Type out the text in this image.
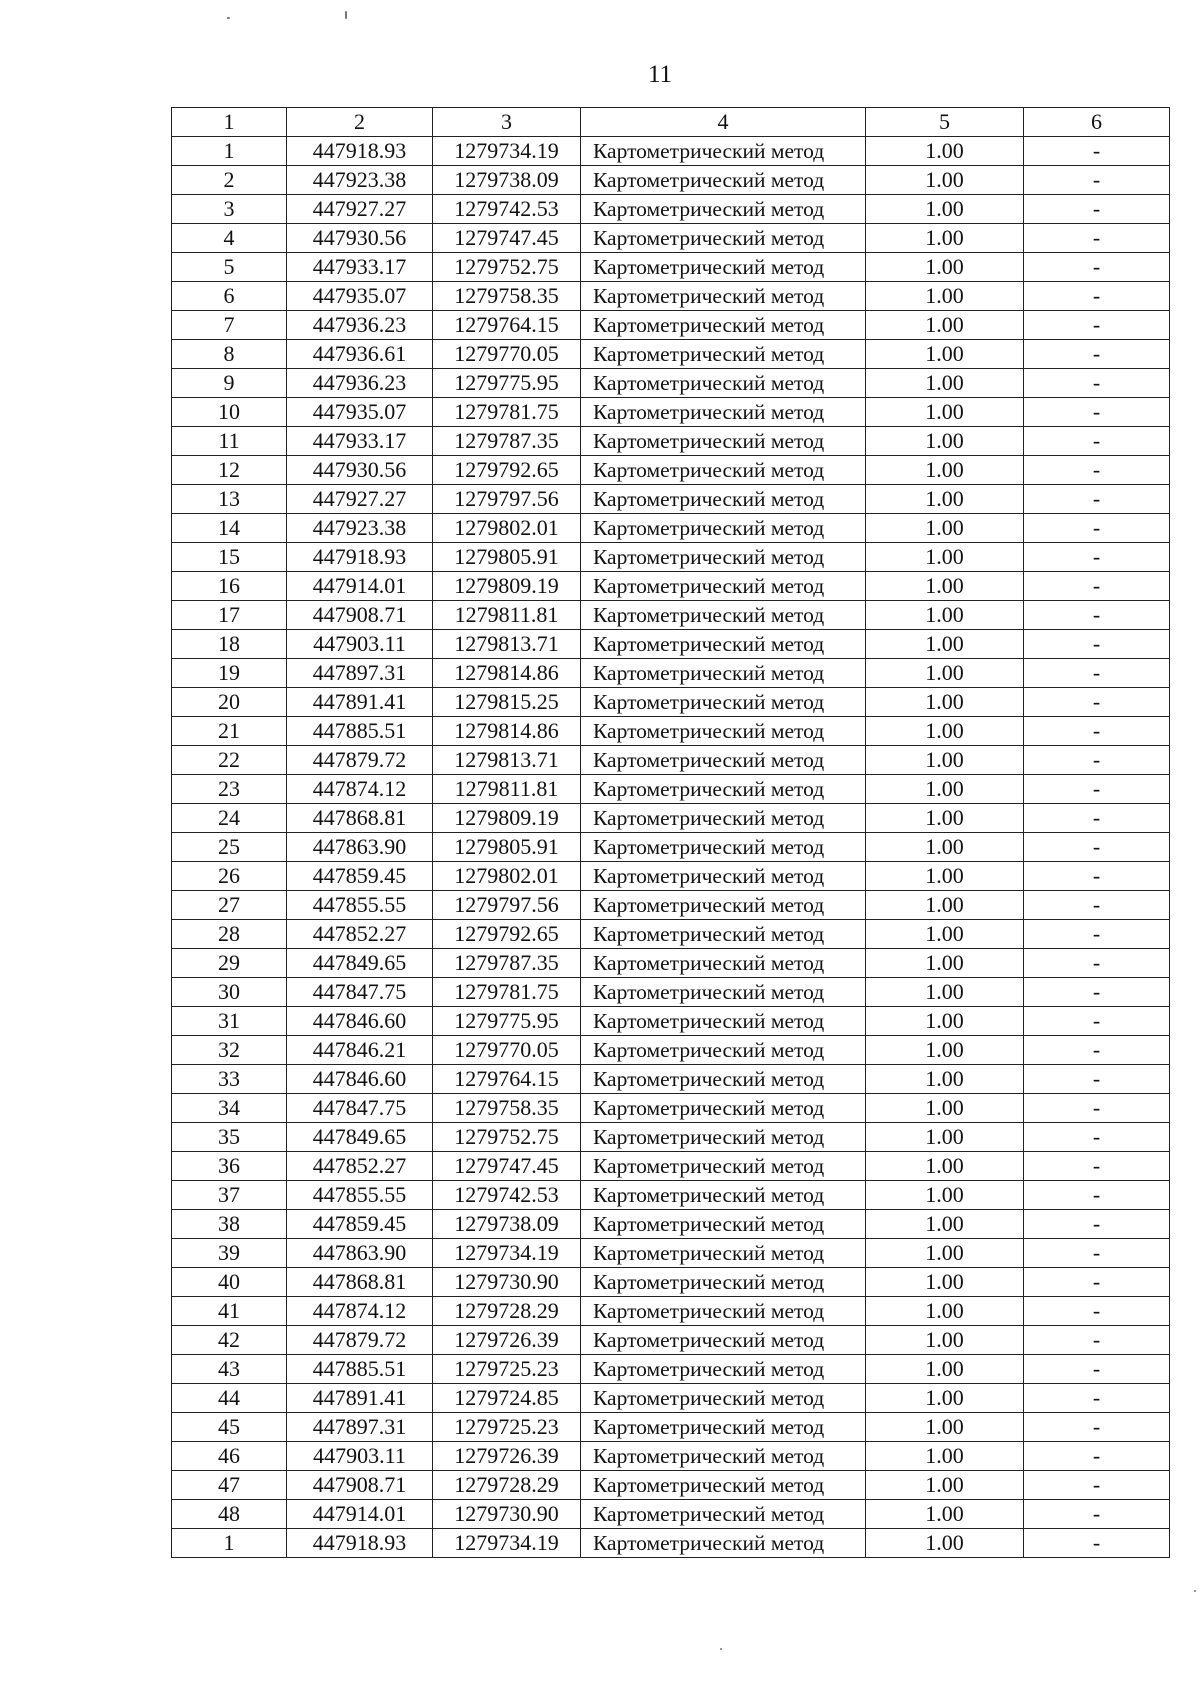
11
1	2	3	4	5	6
1	447918.93	1279734.19	Картометрический метод	1.00	-
2	447923.38	1279738.09	Картометрический метод	1.00	-
3	447927.27	1279742.53	Картометрический метод	1.00	-
4	447930.56	1279747.45	Картометрический метод	1.00	-
5	447933.17	1279752.75	Картометрический метод	1.00	-
6	447935.07	1279758.35	Картометрический метод	1.00	-
7	447936.23	1279764.15	Картометрический метод	1.00	-
8	447936.61	1279770.05	Картометрический метод	1.00	-
9	447936.23	1279775.95	Картометрический метод	1.00	-
10	447935.07	1279781.75	Картометрический метод	1.00	-
11	447933.17	1279787.35	Картометрический метод	1.00	-
12	447930.56	1279792.65	Картометрический метод	1.00	-
13	447927.27	1279797.56	Картометрический метод	1.00	-
14	447923.38	1279802.01	Картометрический метод	1.00	-
15	447918.93	1279805.91	Картометрический метод	1.00	-
16	447914.01	1279809.19	Картометрический метод	1.00	-
17	447908.71	1279811.81	Картометрический метод	1.00	-
18	447903.11	1279813.71	Картометрический метод	1.00	-
19	447897.31	1279814.86	Картометрический метод	1.00	-
20	447891.41	1279815.25	Картометрический метод	1.00	-
21	447885.51	1279814.86	Картометрический метод	1.00	-
22	447879.72	1279813.71	Картометрический метод	1.00	-
23	447874.12	1279811.81	Картометрический метод	1.00	-
24	447868.81	1279809.19	Картометрический метод	1.00	-
25	447863.90	1279805.91	Картометрический метод	1.00	-
26	447859.45	1279802.01	Картометрический метод	1.00	-
27	447855.55	1279797.56	Картометрический метод	1.00	-
28	447852.27	1279792.65	Картометрический метод	1.00	-
29	447849.65	1279787.35	Картометрический метод	1.00	-
30	447847.75	1279781.75	Картометрический метод	1.00	-
31	447846.60	1279775.95	Картометрический метод	1.00	-
32	447846.21	1279770.05	Картометрический метод	1.00	-
33	447846.60	1279764.15	Картометрический метод	1.00	-
34	447847.75	1279758.35	Картометрический метод	1.00	-
35	447849.65	1279752.75	Картометрический метод	1.00	-
36	447852.27	1279747.45	Картометрический метод	1.00	-
37	447855.55	1279742.53	Картометрический метод	1.00	-
38	447859.45	1279738.09	Картометрический метод	1.00	-
39	447863.90	1279734.19	Картометрический метод	1.00	-
40	447868.81	1279730.90	Картометрический метод	1.00	-
41	447874.12	1279728.29	Картометрический метод	1.00	-
42	447879.72	1279726.39	Картометрический метод	1.00	-
43	447885.51	1279725.23	Картометрический метод	1.00	-
44	447891.41	1279724.85	Картометрический метод	1.00	-
45	447897.31	1279725.23	Картометрический метод	1.00	-
46	447903.11	1279726.39	Картометрический метод	1.00	-
47	447908.71	1279728.29	Картометрический метод	1.00	-
48	447914.01	1279730.90	Картометрический метод	1.00	-
1	447918.93	1279734.19	Картометрический метод	1.00	-
